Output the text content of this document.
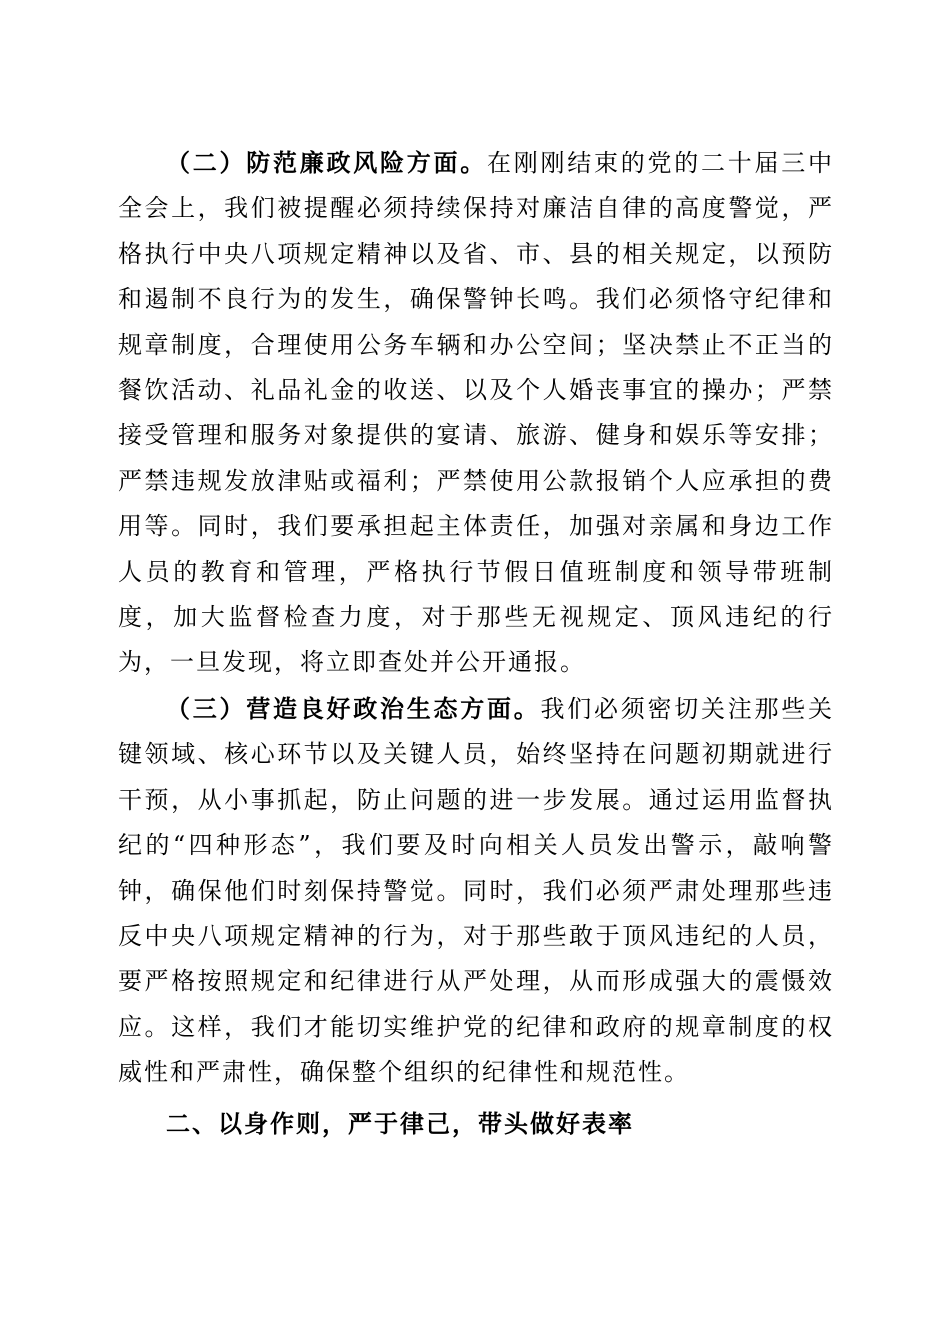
（二）防范廉政风险方面。在刚刚结束的党的二十届三中全会上，我们被提醒必须持续保持对廉洁自律的高度警觉，严格执行中央八项规定精神以及省、市、县的相关规定，以预防和遏制不良行为的发生，确保警钟长鸣。我们必须恪守纪律和规章制度，合理使用公务车辆和办公空间；坚决禁止不正当的餐饮活动、礼品礼金的收送、以及个人婚丧事宜的操办；严禁接受管理和服务对象提供的宴请、旅游、健身和娱乐等安排；严禁违规发放津贴或福利；严禁使用公款报销个人应承担的费用等。同时，我们要承担起主体责任，加强对亲属和身边工作人员的教育和管理，严格执行节假日值班制度和领导带班制度，加大监督检查力度，对于那些无视规定、顶风违纪的行为，一旦发现，将立即查处并公开通报。

（三）营造良好政治生态方面。我们必须密切关注那些关键领域、核心环节以及关键人员，始终坚持在问题初期就进行干预，从小事抓起，防止问题的进一步发展。通过运用监督执纪的“四种形态”，我们要及时向相关人员发出警示，敲响警钟，确保他们时刻保持警觉。同时，我们必须严肃处理那些违反中央八项规定精神的行为，对于那些敢于顶风违纪的人员，要严格按照规定和纪律进行从严处理，从而形成强大的震慑效应。这样，我们才能切实维护党的纪律和政府的规章制度的权威性和严肃性，确保整个组织的纪律性和规范性。

二、以身作则，严于律己，带头做好表率
